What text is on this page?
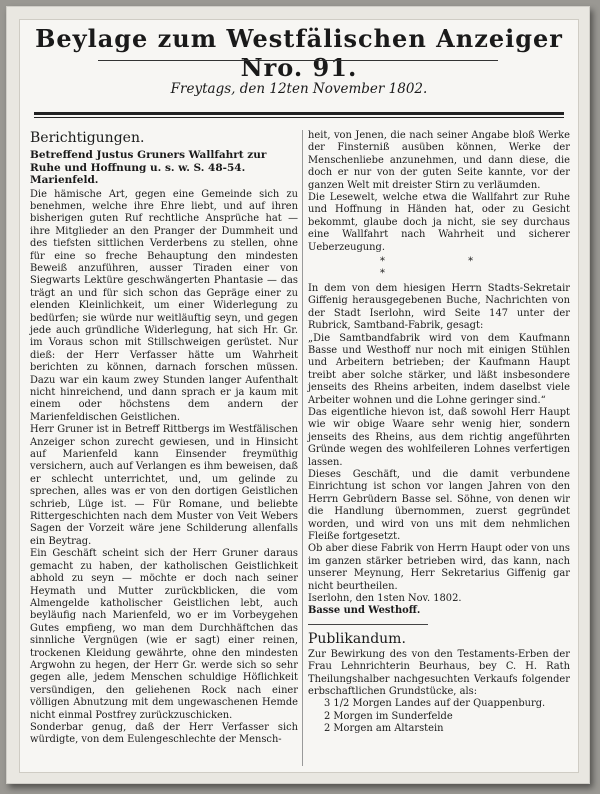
Beylage zum Westfälischen Anzeiger Nro. 91.
Freytags, den 12ten November 1802.
Berichtigungen.
Betreffend Justus Gruners Wallfahrt zur Ruhe und Hoffnung u. s. w. S. 48-54. Marienfeld.

Die hämische Art, gegen eine Gemeinde sich zu benehmen, welche ihre Ehre liebt, und auf ihren bisherigen guten Ruf rechtliche Ansprüche hat — ihre Mitglieder an den Pranger der Dummheit und des tiefsten sittlichen Verderbens zu stellen, ohne für eine so freche Behauptung den mindesten Beweiß anzuführen, ausser Tiraden einer von Siegwarts Lektüre geschwängerten Phantasie — das trägt an und für sich schon das Gepräge einer zu elenden Kleinlichkeit, um einer Widerlegung zu bedürfen; sie würde nur weitläuftig seyn, und gegen jede auch gründliche Widerlegung, hat sich Hr. Gr. im Voraus schon mit Stillschweigen gerüstet. Nur dieß: der Herr Verfasser hätte um Wahrheit berichten zu können, darnach forschen müssen. Dazu war ein kaum zwey Stunden langer Aufenthalt nicht hinreichend, und dann sprach er ja kaum mit einem oder höchstens dem andern der Marienfeldischen Geistlichen.

Herr Gruner ist in Betreff Rittbergs im Westfälischen Anzeiger schon zurecht gewiesen, und in Hinsicht auf Marienfeld kann Einsender freymüthig versichern, auch auf Verlangen es ihm beweisen, daß er schlecht unterrichtet, und, um gelinde zu sprechen, alles was er von den dortigen Geistlichen schrieb, Lüge ist. — Für Romane, und beliebte Rittergeschichten nach dem Muster von Veit Webers Sagen der Vorzeit wäre jene Schilderung allenfalls ein Beytrag.

Ein Geschäft scheint sich der Herr Gruner daraus gemacht zu haben, der katholischen Geistlichkeit abhold zu seyn — möchte er doch nach seiner Heymath und Mutter zurückblicken, die vom Almengelde katholischer Geistlichen lebt, auch beyläufig nach Marienfeld, wo er im Vorbeygehen Gutes empfieng, wo man dem Durchhäftchen das sinnliche Vergnügen (wie er sagt) einer reinen, trockenen Kleidung gewährte, ohne den mindesten Argwohn zu hegen, der Herr Gr. werde sich so sehr gegen alle, jedem Menschen schuldige Höflichkeit versündigen, den geliehenen Rock nach einer völligen Abnutzung mit dem ungewaschenen Hemde nicht einmal Postfrey zurückzuschicken.

Sonderbar genug, daß der Herr Verfasser sich würdigte, von dem Eulengeschlechte der Mensch-

heit, von Jenen, die nach seiner Angabe bloß Werke der Finsterniß ausüben können, Werke der Menschenliebe anzunehmen, und dann diese, die doch er nur von der guten Seite kannte, vor der ganzen Welt mit dreister Stirn zu verläumden.

Die Lesewelt, welche etwa die Wallfahrt zur Ruhe und Hoffnung in Händen hat, oder zu Gesicht bekommt, glaube doch ja nicht, sie sey durchaus eine Wallfahrt nach Wahrheit und sicherer Ueberzeugung.

* * *

In dem von dem hiesigen Herrn Stadts-Sekretair Giffenig herausgegebenen Buche, Nachrichten von der Stadt Iserlohn, wird Seite 147 unter der Rubrick, Samtband-Fabrik, gesagt:

„Die Samtbandfabrik wird von dem Kaufmann Basse und Westhoff nur noch mit einigen Stühlen und Arbeitern betrieben; der Kaufmann Haupt treibt aber solche stärker, und läßt insbesondere jenseits des Rheins arbeiten, indem daselbst viele Arbeiter wohnen und die Lohne geringer sind.“

Das eigentliche hievon ist, daß sowohl Herr Haupt wie wir obige Waare sehr wenig hier, sondern jenseits des Rheins, aus dem richtig angeführten Gründe wegen des wohlfeileren Lohnes verfertigen lassen.

Dieses Geschäft, und die damit verbundene Einrichtung ist schon vor langen Jahren von den Herrn Gebrüdern Basse sel. Söhne, von denen wir die Handlung übernommen, zuerst gegründet worden, und wird von uns mit dem nehmlichen Fleiße fortgesetzt.

Ob aber diese Fabrik von Herrn Haupt oder von uns im ganzen stärker betrieben wird, das kann, nach unserer Meynung, Herr Sekretarius Giffenig gar nicht beurtheilen.

Iserlohn, den 1sten Nov. 1802.

Basse und Westhoff.

Publikandum.

Zur Bewirkung des von den Testaments-Erben der Frau Lehnrichterin Beurhaus, bey C. H. Rath Theilungshalber nachgesuchten Verkaufs folgender erbschaftlichen Grundstücke, als:

3 1/2 Morgen Landes auf der Quappenburg.
2 Morgen im Sunderfelde
2 Morgen am Altarstein
